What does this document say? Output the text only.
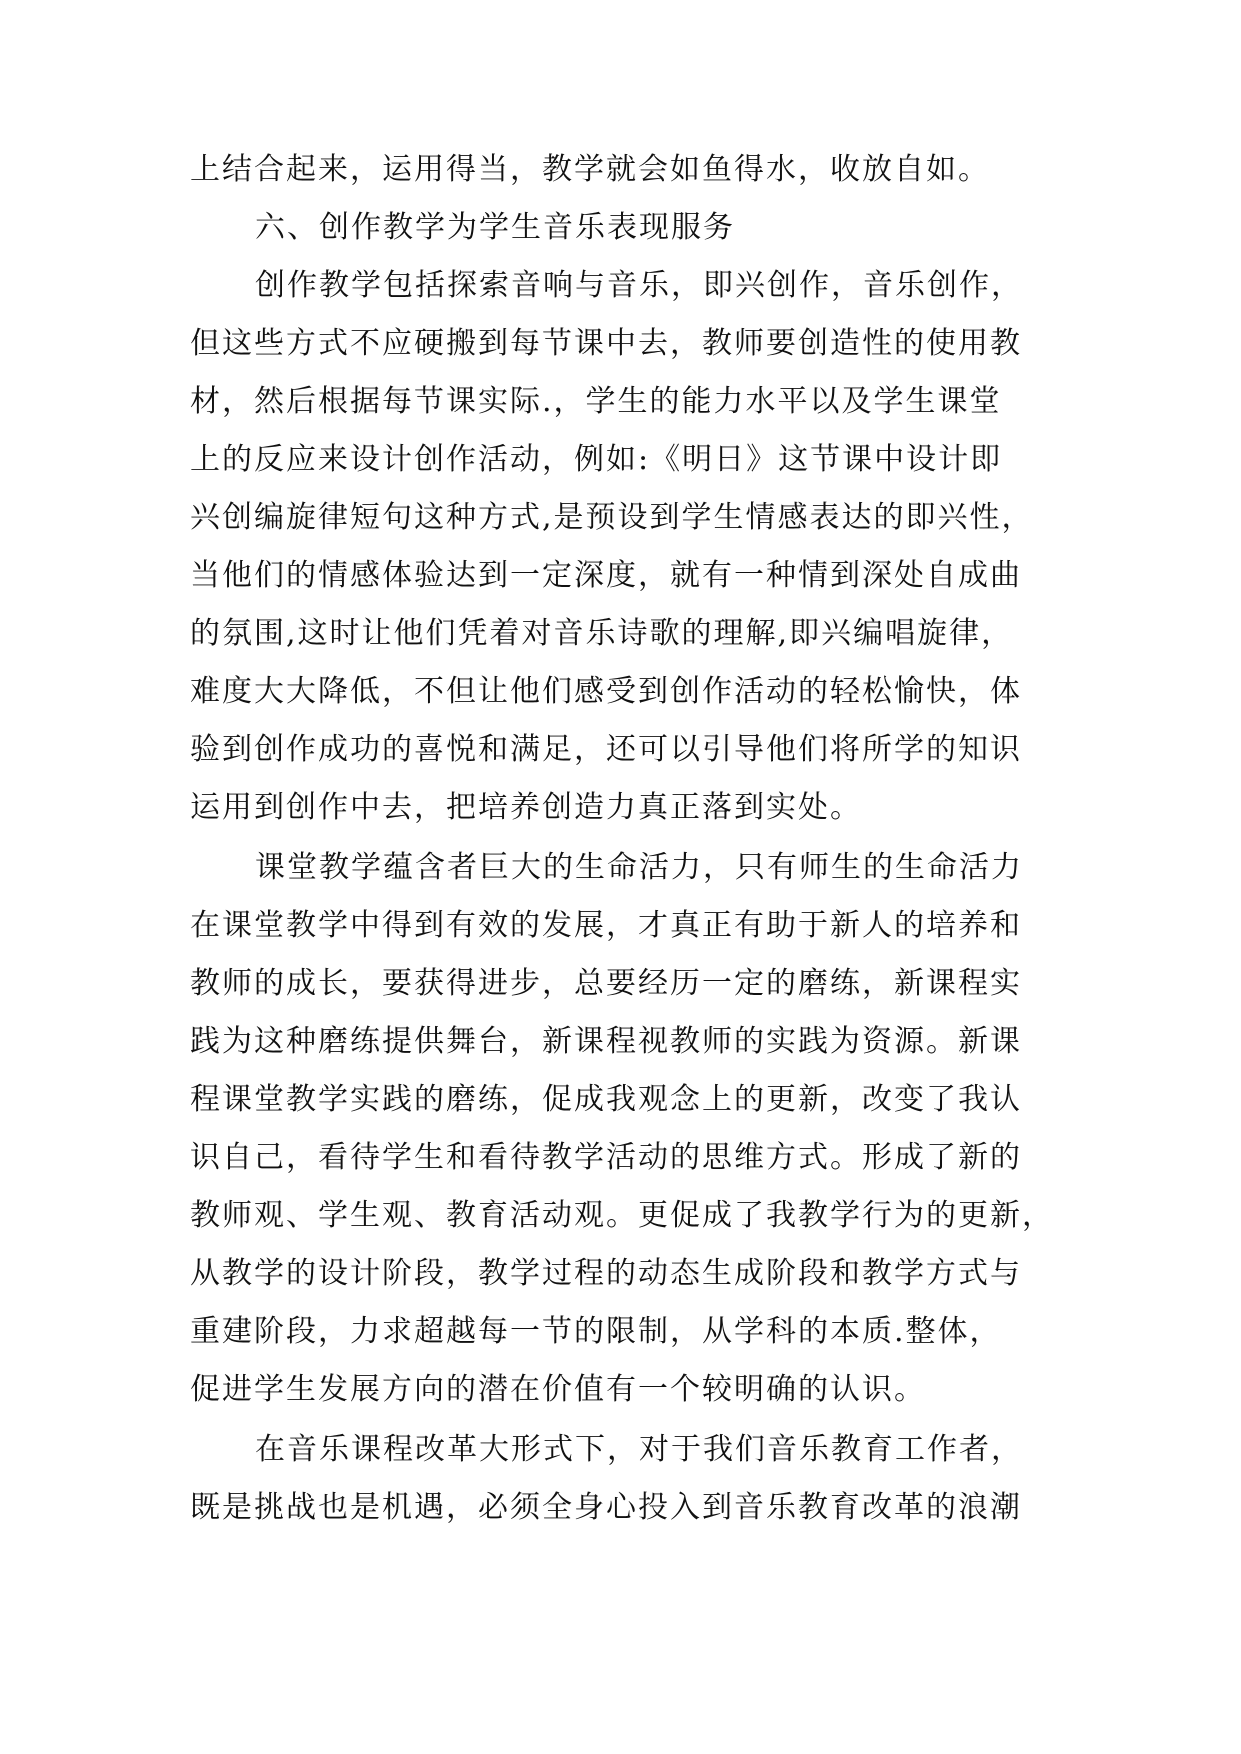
上结合起来，运用得当，教学就会如鱼得水，收放自如。
六、创作教学为学生音乐表现服务
创作教学包括探索音响与音乐，即兴创作，音乐创作，
但这些方式不应硬搬到每节课中去，教师要创造性的使用教
材，然后根据每节课实际.，学生的能力水平以及学生课堂
上的反应来设计创作活动，例如:《明日》这节课中设计即
兴创编旋律短句这种方式,是预设到学生情感表达的即兴性，
当他们的情感体验达到一定深度，就有一种情到深处自成曲
的氛围,这时让他们凭着对音乐诗歌的理解,即兴编唱旋律，
难度大大降低，不但让他们感受到创作活动的轻松愉快，体
验到创作成功的喜悦和满足，还可以引导他们将所学的知识
运用到创作中去，把培养创造力真正落到实处。
课堂教学蕴含者巨大的生命活力，只有师生的生命活力
在课堂教学中得到有效的发展，才真正有助于新人的培养和
教师的成长，要获得进步，总要经历一定的磨练，新课程实
践为这种磨练提供舞台，新课程视教师的实践为资源。新课
程课堂教学实践的磨练，促成我观念上的更新，改变了我认
识自己，看待学生和看待教学活动的思维方式。形成了新的
教师观、学生观、教育活动观。更促成了我教学行为的更新，
从教学的设计阶段，教学过程的动态生成阶段和教学方式与
重建阶段，力求超越每一节的限制，从学科的本质.整体，
促进学生发展方向的潜在价值有一个较明确的认识。
在音乐课程改革大形式下，对于我们音乐教育工作者，
既是挑战也是机遇，必须全身心投入到音乐教育改革的浪潮
